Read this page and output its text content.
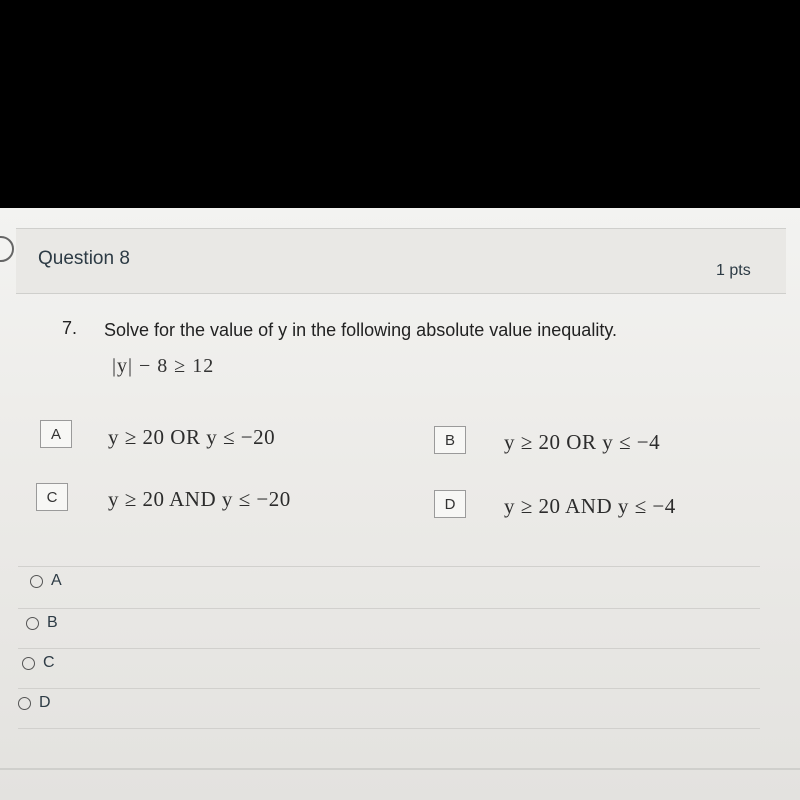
Question 8
1 pts
7. Solve for the value of y in the following absolute value inequality.
|y| − 8 ≥ 12
A	y ≥ 20 OR y ≤ −20	B	y ≥ 20 OR y ≤ −4
C	y ≥ 20 AND y ≤ −20	D	y ≥ 20 AND y ≤ −4
A
B
C
D
